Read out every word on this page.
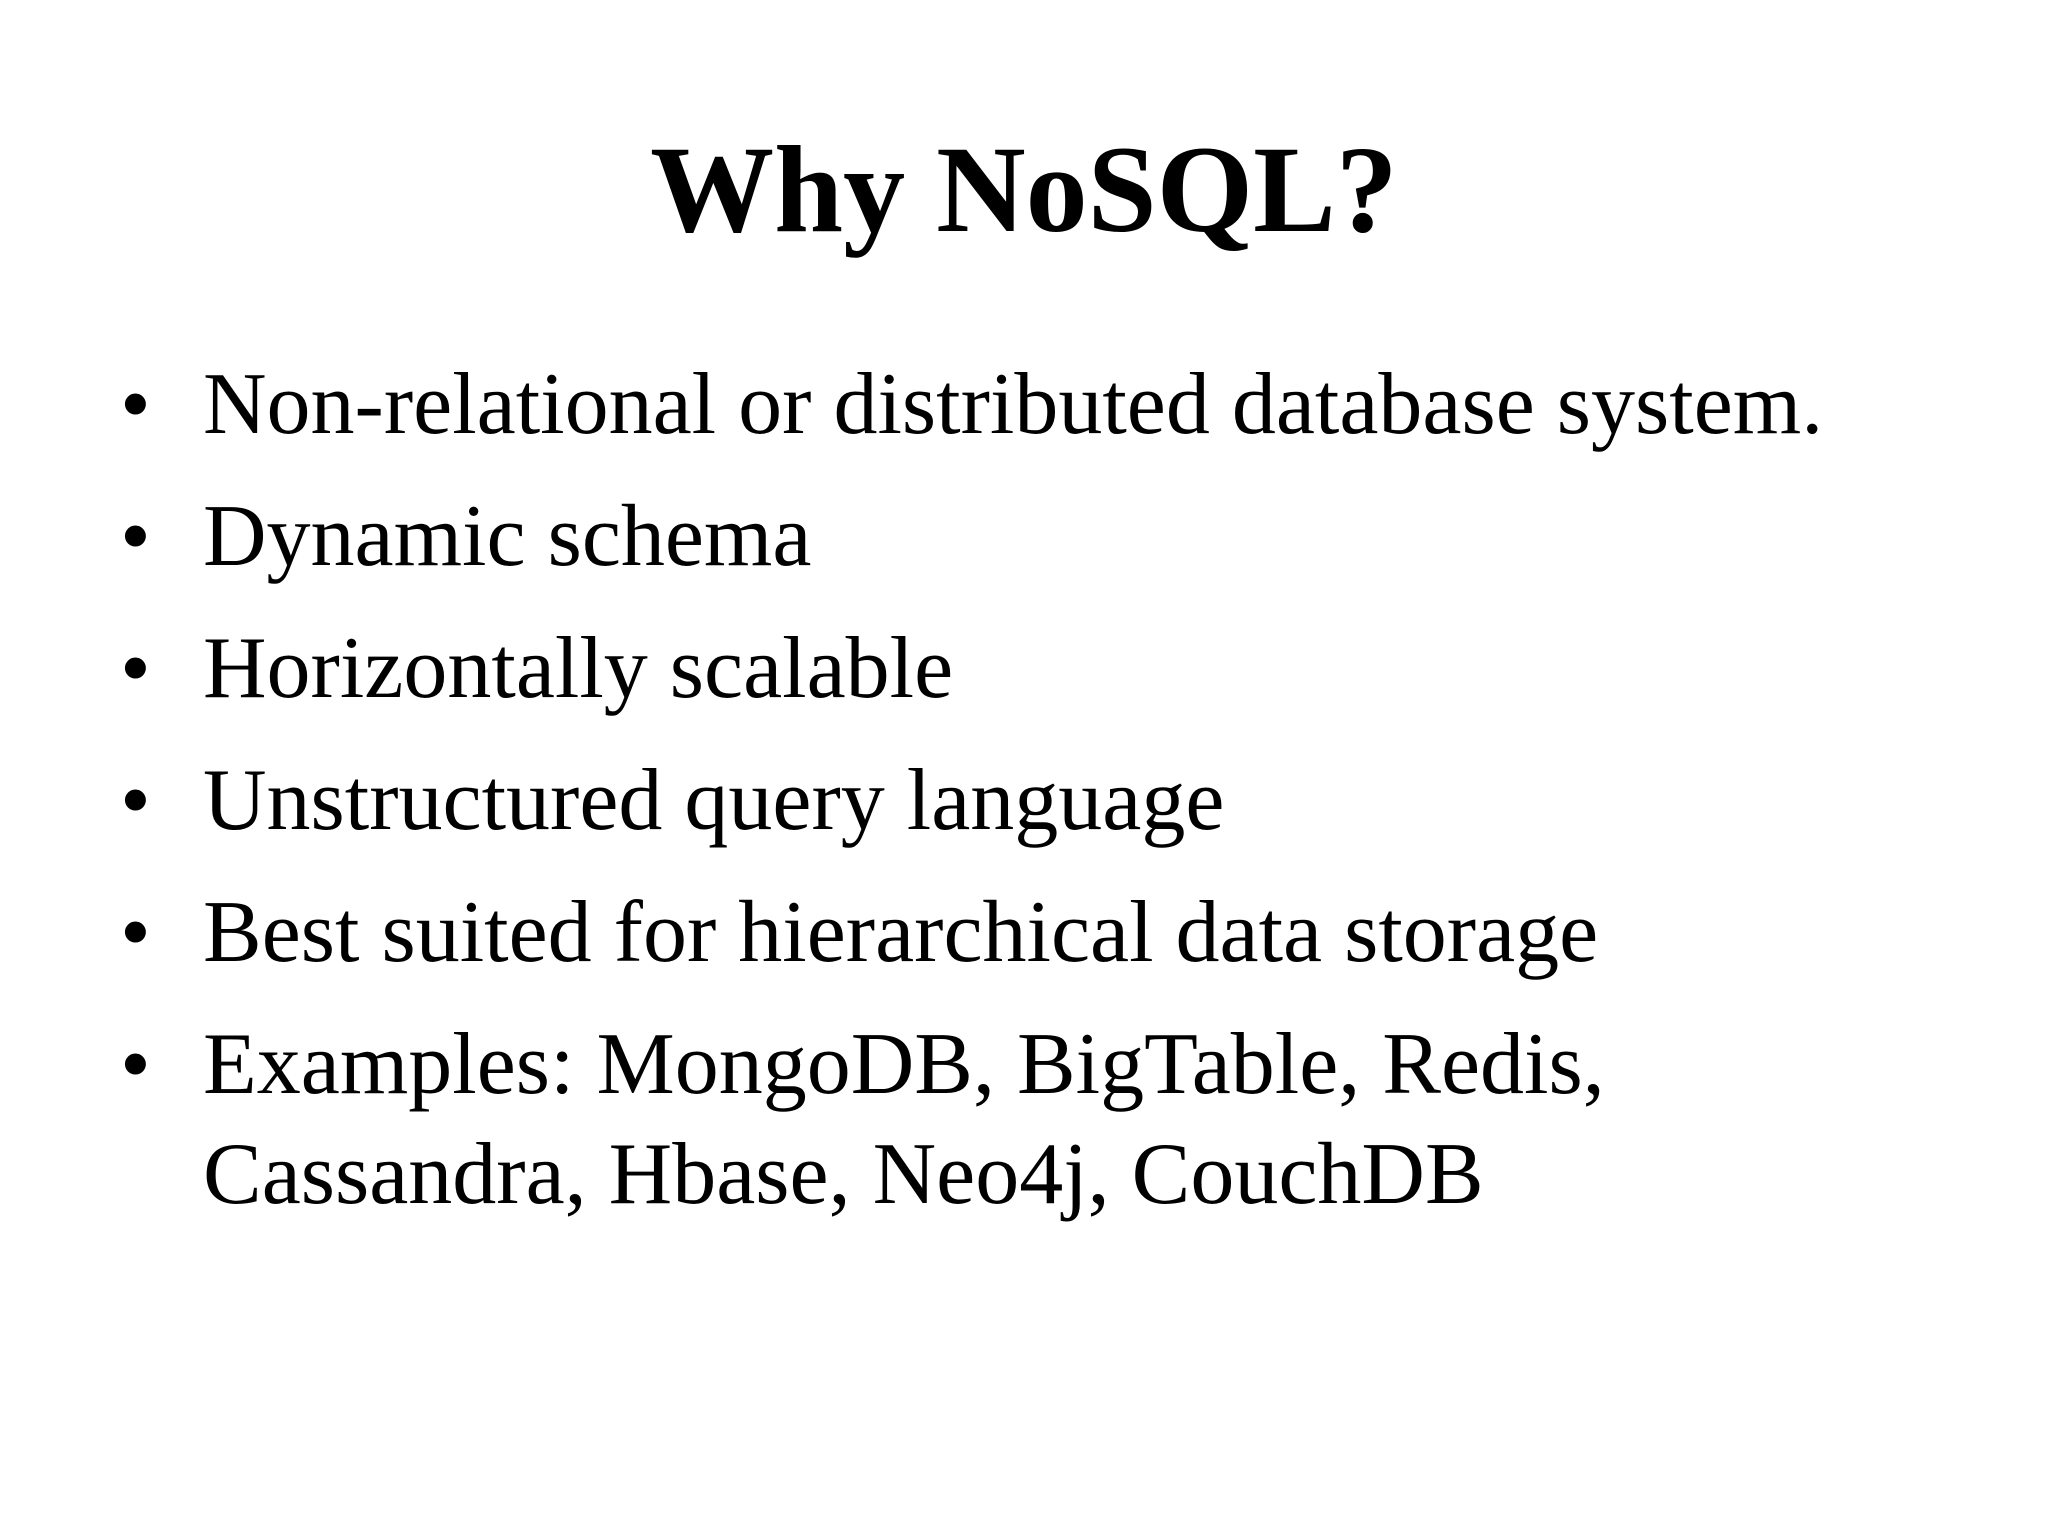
Why NoSQL?
• Non-relational or distributed database system.
• Dynamic schema
• Horizontally scalable
• Unstructured query language
• Best suited for hierarchical data storage
• Examples: MongoDB, BigTable, Redis, Cassandra, Hbase, Neo4j, CouchDB
